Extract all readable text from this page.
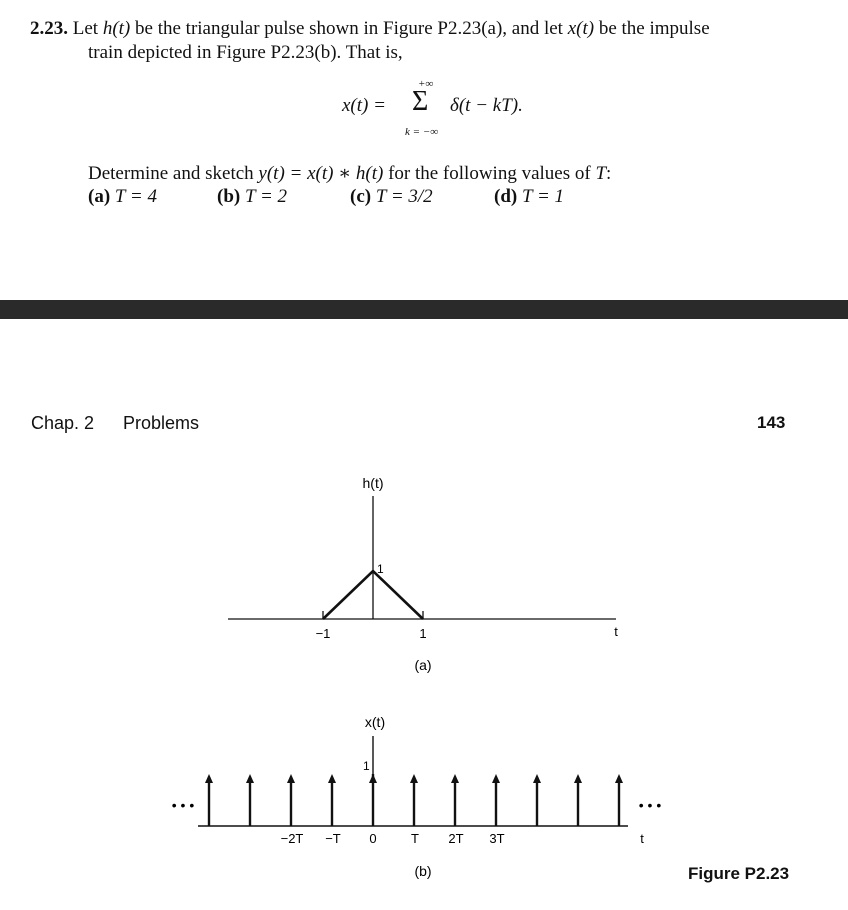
2.23. Let h(t) be the triangular pulse shown in Figure P2.23(a), and let x(t) be the impulse
train depicted in Figure P2.23(b). That is,
x(t) =
+∞
Σ
k = −∞
δ(t − kT).
Determine and sketch y(t) = x(t) ∗ h(t) for the following values of T:
(a) T = 4	(b) T = 2	(c) T = 3/2	(d) T = 1
Chap. 2 Problems	143
h(t)
1
−1	1	t
(a)
x(t)
1
• • •	• • •
−2T −T 0	T 2T 3T	t
(b)	Figure P2.23
